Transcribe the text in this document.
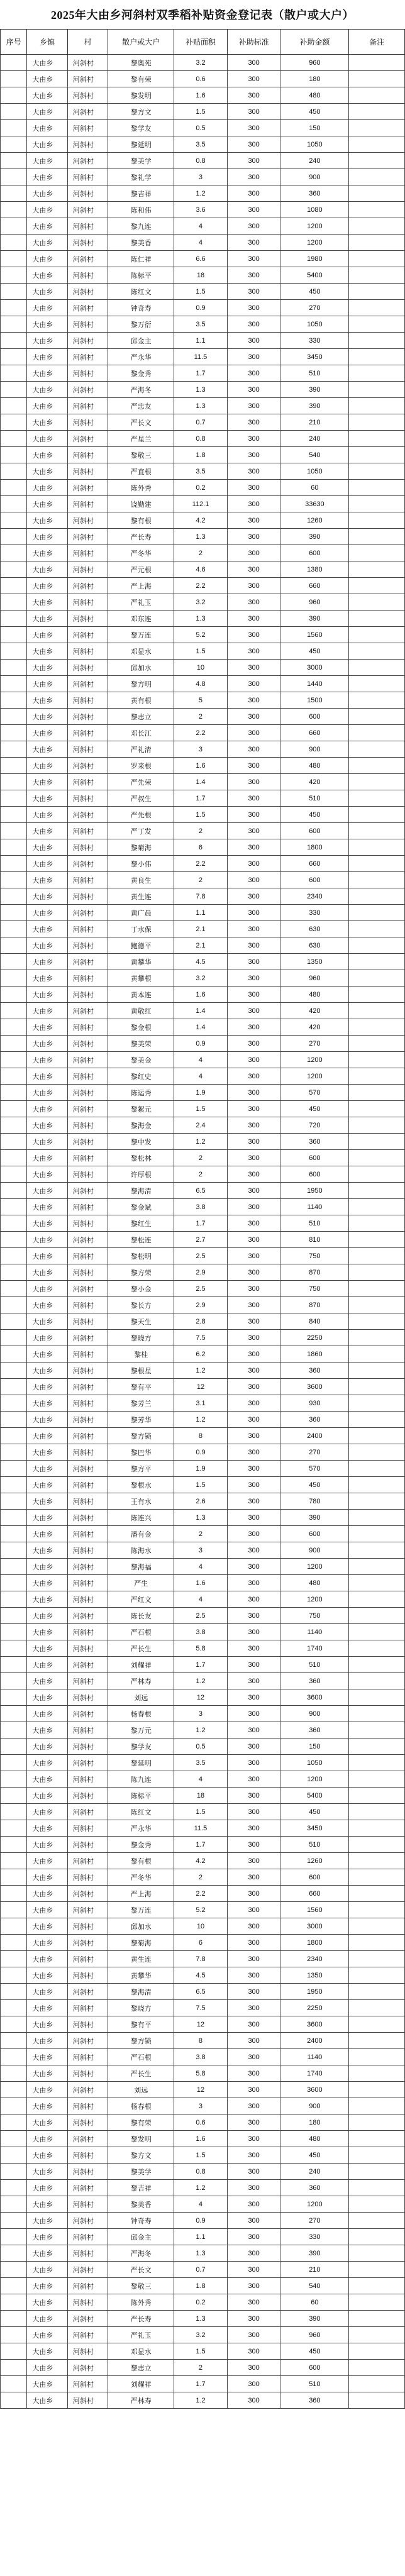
2025年大由乡河斜村双季稻补贴资金登记表（散户或大户）
序号	乡镇	村	散户或大户	补贴面积	补助标准	补助金额	备注
	大由乡	河斜村	黎奥苑	3.2	300	960	
	大由乡	河斜村	黎有荣	0.6	300	180	
	大由乡	河斜村	黎发明	1.6	300	480	
	大由乡	河斜村	黎方文	1.5	300	450	
	大由乡	河斜村	黎学友	0.5	300	150	
	大由乡	河斜村	黎延明	3.5	300	1050	
	大由乡	河斜村	黎美学	0.8	300	240	
	大由乡	河斜村	黎礼学	3	300	900	
	大由乡	河斜村	黎吉祥	1.2	300	360	
	大由乡	河斜村	陈和伟	3.6	300	1080	
	大由乡	河斜村	黎九连	4	300	1200	
	大由乡	河斜村	黎美香	4	300	1200	
	大由乡	河斜村	陈仁祥	6.6	300	1980	
	大由乡	河斜村	陈标平	18	300	5400	
	大由乡	河斜村	陈红文	1.5	300	450	
	大由乡	河斜村	钟奇寿	0.9	300	270	
	大由乡	河斜村	黎万衍	3.5	300	1050	
	大由乡	河斜村	邱金主	1.1	300	330	
	大由乡	河斜村	严永华	11.5	300	3450	
	大由乡	河斜村	黎金秀	1.7	300	510	
	大由乡	河斜村	严海冬	1.3	300	390	
	大由乡	河斜村	严忠友	1.3	300	390	
	大由乡	河斜村	严长文	0.7	300	210	
	大由乡	河斜村	严星兰	0.8	300	240	
	大由乡	河斜村	黎敬三	1.8	300	540	
	大由乡	河斜村	严直根	3.5	300	1050	
	大由乡	河斜村	陈外秀	0.2	300	60	
	大由乡	河斜村	饶勤建	112.1	300	33630	
	大由乡	河斜村	黎有根	4.2	300	1260	
	大由乡	河斜村	严长寿	1.3	300	390	
	大由乡	河斜村	严冬华	2	300	600	
	大由乡	河斜村	严元根	4.6	300	1380	
	大由乡	河斜村	严上海	2.2	300	660	
	大由乡	河斜村	严礼玉	3.2	300	960	
	大由乡	河斜村	邓东连	1.3	300	390	
	大由乡	河斜村	黎万连	5.2	300	1560	
	大由乡	河斜村	邓显水	1.5	300	450	
	大由乡	河斜村	邱加水	10	300	3000	
	大由乡	河斜村	黎方明	4.8	300	1440	
	大由乡	河斜村	黄有根	5	300	1500	
	大由乡	河斜村	黎志立	2	300	600	
	大由乡	河斜村	邓长江	2.2	300	660	
	大由乡	河斜村	严礼清	3	300	900	
	大由乡	河斜村	罗来根	1.6	300	480	
	大由乡	河斜村	严先荣	1.4	300	420	
	大由乡	河斜村	严叔生	1.7	300	510	
	大由乡	河斜村	严先根	1.5	300	450	
	大由乡	河斜村	严丁发	2	300	600	
	大由乡	河斜村	黎菊海	6	300	1800	
	大由乡	河斜村	黎小伟	2.2	300	660	
	大由乡	河斜村	黄良生	2	300	600	
	大由乡	河斜村	黄生连	7.8	300	2340	
	大由乡	河斜村	黄广晨	1.1	300	330	
	大由乡	河斜村	丁水保	2.1	300	630	
	大由乡	河斜村	鲍德平	2.1	300	630	
	大由乡	河斜村	黄攀华	4.5	300	1350	
	大由乡	河斜村	黄攀根	3.2	300	960	
	大由乡	河斜村	黄本连	1.6	300	480	
	大由乡	河斜村	黄敬红	1.4	300	420	
	大由乡	河斜村	黎金根	1.4	300	420	
	大由乡	河斜村	黎美荣	0.9	300	270	
	大由乡	河斜村	黎美金	4	300	1200	
	大由乡	河斜村	黎红史	4	300	1200	
	大由乡	河斜村	陈运秀	1.9	300	570	
	大由乡	河斜村	黎絮元	1.5	300	450	
	大由乡	河斜村	黎海金	2.4	300	720	
	大由乡	河斜村	黎中发	1.2	300	360	
	大由乡	河斜村	黎松林	2	300	600	
	大由乡	河斜村	许厚根	2	300	600	
	大由乡	河斜村	黎海清	6.5	300	1950	
	大由乡	河斜村	黎金斌	3.8	300	1140	
	大由乡	河斜村	黎红生	1.7	300	510	
	大由乡	河斜村	黎松连	2.7	300	810	
	大由乡	河斜村	黎松明	2.5	300	750	
	大由乡	河斜村	黎方荣	2.9	300	870	
	大由乡	河斜村	黎小金	2.5	300	750	
	大由乡	河斜村	黎长方	2.9	300	870	
	大由乡	河斜村	黎天生	2.8	300	840	
	大由乡	河斜村	黎晓方	7.5	300	2250	
	大由乡	河斜村	黎桂	6.2	300	1860	
	大由乡	河斜村	黎根星	1.2	300	360	
	大由乡	河斜村	黎有平	12	300	3600	
	大由乡	河斜村	黎芳兰	3.1	300	930	
	大由乡	河斜村	黎芳华	1.2	300	360	
	大由乡	河斜村	黎方锁	8	300	2400	
	大由乡	河斜村	黎巴华	0.9	300	270	
	大由乡	河斜村	黎方平	1.9	300	570	
	大由乡	河斜村	黎根水	1.5	300	450	
	大由乡	河斜村	王有水	2.6	300	780	
	大由乡	河斜村	陈连兴	1.3	300	390	
	大由乡	河斜村	潘有金	2	300	600	
	大由乡	河斜村	陈海水	3	300	900	
	大由乡	河斜村	黎海福	4	300	1200	
	大由乡	河斜村	严生	1.6	300	480	
	大由乡	河斜村	严红文	4	300	1200	
	大由乡	河斜村	陈长友	2.5	300	750	
	大由乡	河斜村	严石根	3.8	300	1140	
	大由乡	河斜村	严长生	5.8	300	1740	
	大由乡	河斜村	刘耀祥	1.7	300	510	
	大由乡	河斜村	严林寿	1.2	300	360	
	大由乡	河斜村	刘远	12	300	3600	
	大由乡	河斜村	杨春根	3	300	900	
	大由乡	河斜村	黎万元	1.2	300	360	
	大由乡	河斜村	黎学友	0.5	300	150	
	大由乡	河斜村	黎延明	3.5	300	1050	
	大由乡	河斜村	陈九连	4	300	1200	
	大由乡	河斜村	陈标平	18	300	5400	
	大由乡	河斜村	陈红文	1.5	300	450	
	大由乡	河斜村	严永华	11.5	300	3450	
	大由乡	河斜村	黎金秀	1.7	300	510	
	大由乡	河斜村	黎有根	4.2	300	1260	
	大由乡	河斜村	严冬华	2	300	600	
	大由乡	河斜村	严上海	2.2	300	660	
	大由乡	河斜村	黎万连	5.2	300	1560	
	大由乡	河斜村	邱加水	10	300	3000	
	大由乡	河斜村	黎菊海	6	300	1800	
	大由乡	河斜村	黄生连	7.8	300	2340	
	大由乡	河斜村	黄攀华	4.5	300	1350	
	大由乡	河斜村	黎海清	6.5	300	1950	
	大由乡	河斜村	黎晓方	7.5	300	2250	
	大由乡	河斜村	黎有平	12	300	3600	
	大由乡	河斜村	黎方锁	8	300	2400	
	大由乡	河斜村	严石根	3.8	300	1140	
	大由乡	河斜村	严长生	5.8	300	1740	
	大由乡	河斜村	刘远	12	300	3600	
	大由乡	河斜村	杨春根	3	300	900	
	大由乡	河斜村	黎有荣	0.6	300	180	
	大由乡	河斜村	黎发明	1.6	300	480	
	大由乡	河斜村	黎方文	1.5	300	450	
	大由乡	河斜村	黎美学	0.8	300	240	
	大由乡	河斜村	黎吉祥	1.2	300	360	
	大由乡	河斜村	黎美香	4	300	1200	
	大由乡	河斜村	钟奇寿	0.9	300	270	
	大由乡	河斜村	邱金主	1.1	300	330	
	大由乡	河斜村	严海冬	1.3	300	390	
	大由乡	河斜村	严长文	0.7	300	210	
	大由乡	河斜村	黎敬三	1.8	300	540	
	大由乡	河斜村	陈外秀	0.2	300	60	
	大由乡	河斜村	严长寿	1.3	300	390	
	大由乡	河斜村	严礼玉	3.2	300	960	
	大由乡	河斜村	邓显水	1.5	300	450	
	大由乡	河斜村	黎志立	2	300	600	
	大由乡	河斜村	刘耀祥	1.7	300	510	
	大由乡	河斜村	严林寿	1.2	300	360	
